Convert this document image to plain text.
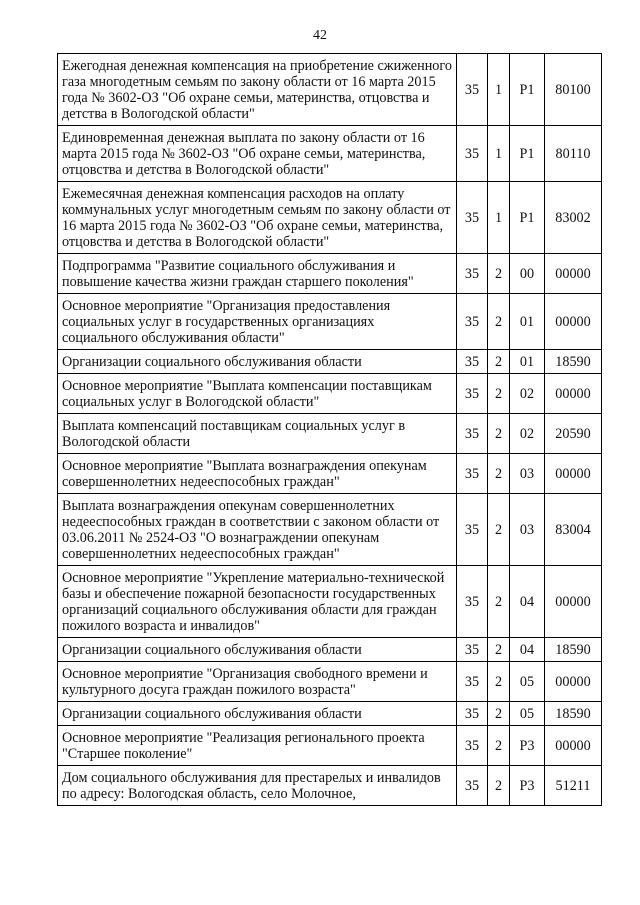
42
Ежегодная денежная компенсация на приобретение сжиженного газа многодетным семьям по закону области от 16 марта 2015 года № 3602-ОЗ "Об охране семьи, материнства, отцовства и детства в Вологодской области"	35	1	P1	80100
Единовременная денежная выплата по закону области от 16 марта 2015 года № 3602-ОЗ "Об охране семьи, материнства, отцовства и детства в Вологодской области"	35	1	P1	80110
Ежемесячная денежная компенсация расходов на оплату коммунальных услуг многодетным семьям по закону области от 16 марта 2015 года № 3602-ОЗ "Об охране семьи, материнства, отцовства и детства в Вологодской области"	35	1	P1	83002
Подпрограмма "Развитие социального обслуживания и повышение качества жизни граждан старшего поколения"	35	2	00	00000
Основное мероприятие "Организация предоставления социальных услуг в государственных организациях социального обслуживания области"	35	2	01	00000
Организации социального обслуживания области	35	2	01	18590
Основное мероприятие "Выплата компенсации поставщикам социальных услуг в Вологодской области"	35	2	02	00000
Выплата компенсаций поставщикам социальных услуг в Вологодской области	35	2	02	20590
Основное мероприятие "Выплата вознаграждения опекунам совершеннолетних недееспособных граждан"	35	2	03	00000
Выплата вознаграждения опекунам совершеннолетних недееспособных граждан в соответствии с законом области от 03.06.2011 № 2524-ОЗ "О вознаграждении опекунам совершеннолетних недееспособных граждан"	35	2	03	83004
Основное мероприятие "Укрепление материально-технической базы и обеспечение пожарной безопасности государственных организаций социального обслуживания области для граждан пожилого возраста и инвалидов"	35	2	04	00000
Организации социального обслуживания области	35	2	04	18590
Основное мероприятие "Организация свободного времени и культурного досуга граждан пожилого возраста"	35	2	05	00000
Организации социального обслуживания области	35	2	05	18590
Основное мероприятие "Реализация регионального проекта "Старшее поколение"	35	2	P3	00000
Дом социального обслуживания для престарелых и инвалидов по адресу: Вологодская область, село Молочное,	35	2	P3	51211
